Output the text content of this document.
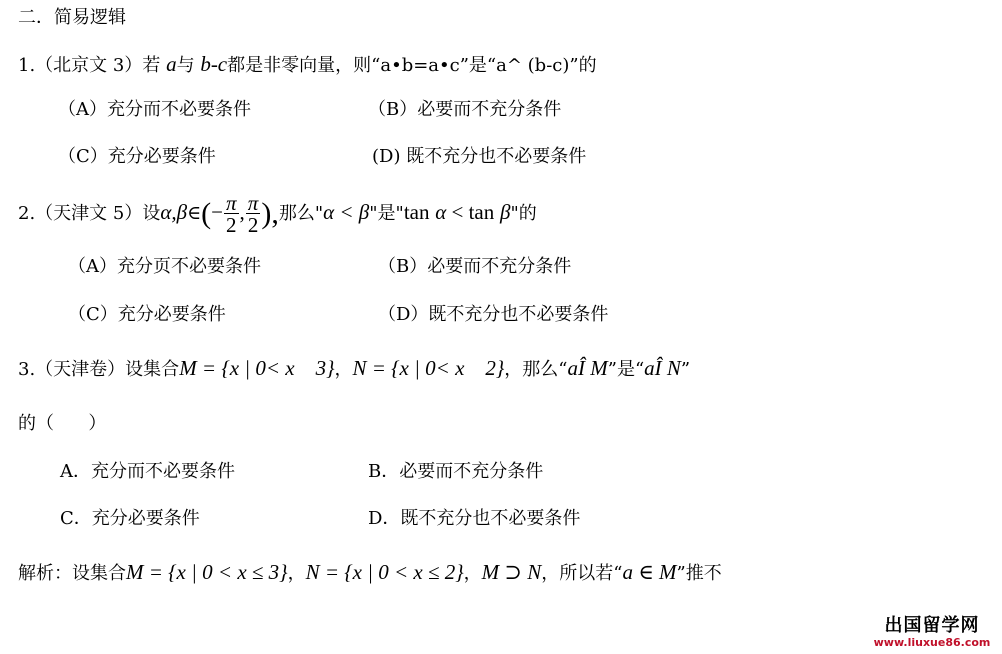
二．简易逻辑
1.（北京文 3）若 a与 b-c都是非零向量，则“a•b=a•c”是“a^ (b-c)”的
（A）充分而不必要条件	（B）必要而不充分条件
（C）充分必要条件	(D) 既不充分也不必要条件
2.（天津文 5）设α,β∈(− $\frac{\pi}{2}$ , $\frac{\pi}{2}$ ),那么"α < β"是"tan α < tan β"的
（A）充分页不必要条件	（B）必要而不充分条件
（C）充分必要条件	（D）既不充分也不必要条件
3.（天津卷）设集合M = {x | 0< x    3}，N = {x | 0< x    2}，那么“aÎ M”是“aÎ N”
的（      ）
A．充分而不必要条件	B．必要而不充分条件
C．充分必要条件	D．既不充分也不必要条件
解析：设集合M = {x | 0 < x ≤ 3}，N = {x | 0 < x ≤ 2}，M ⊃ N，所以若“a ∈ M”推不
出国留学网
www.liuxue86.com
